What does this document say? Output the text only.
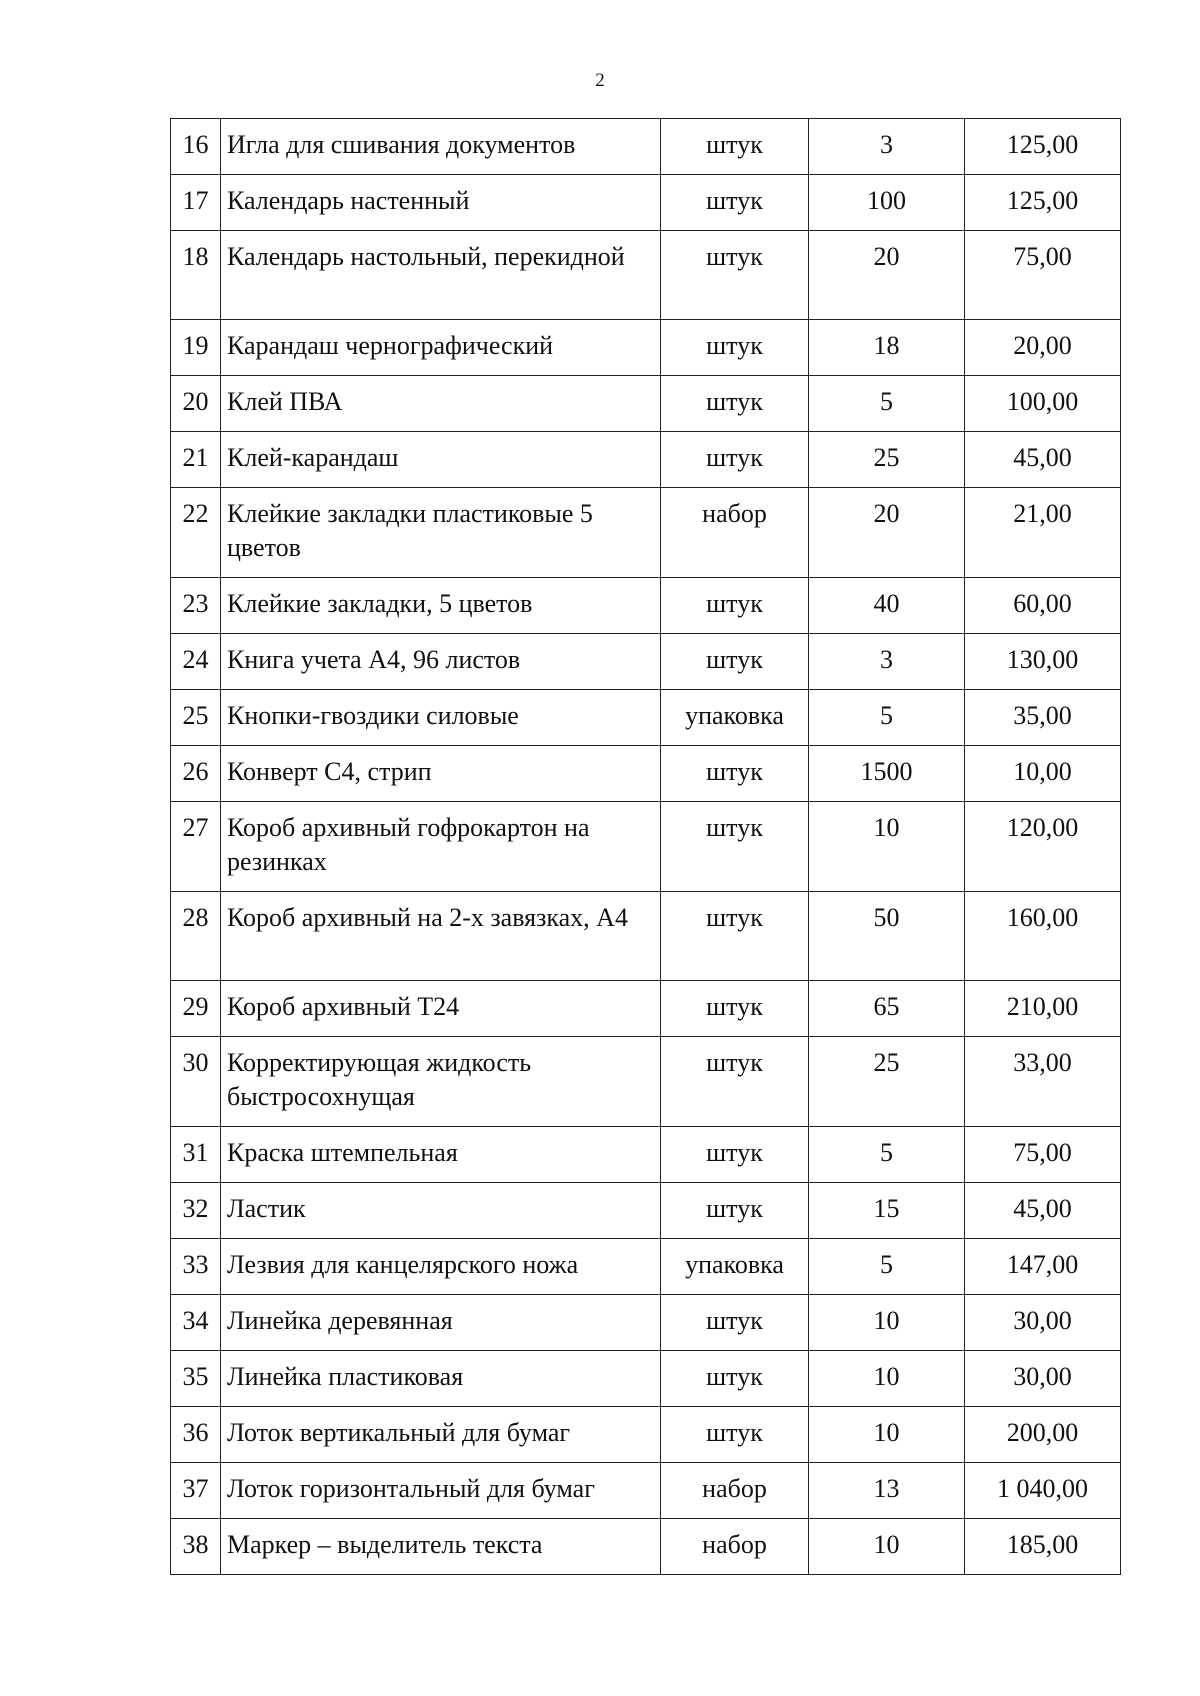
2
16	Игла для сшивания документов	штук	3	125,00
17	Календарь настенный	штук	100	125,00
18	Календарь настольный, перекидной	штук	20	75,00
19	Карандаш чернографический	штук	18	20,00
20	Клей ПВА	штук	5	100,00
21	Клей-карандаш	штук	25	45,00
22	Клейкие закладки пластиковые 5 цветов	набор	20	21,00
23	Клейкие закладки, 5 цветов	штук	40	60,00
24	Книга учета А4, 96 листов	штук	3	130,00
25	Кнопки-гвоздики силовые	упаковка	5	35,00
26	Конверт С4, стрип	штук	1500	10,00
27	Короб архивный гофрокартон на резинках	штук	10	120,00
28	Короб архивный на 2-х завязках, А4	штук	50	160,00
29	Короб архивный Т24	штук	65	210,00
30	Корректирующая жидкость быстросохнущая	штук	25	33,00
31	Краска штемпельная	штук	5	75,00
32	Ластик	штук	15	45,00
33	Лезвия для канцелярского ножа	упаковка	5	147,00
34	Линейка деревянная	штук	10	30,00
35	Линейка пластиковая	штук	10	30,00
36	Лоток вертикальный для бумаг	штук	10	200,00
37	Лоток горизонтальный для бумаг	набор	13	1 040,00
38	Маркер – выделитель текста	набор	10	185,00
